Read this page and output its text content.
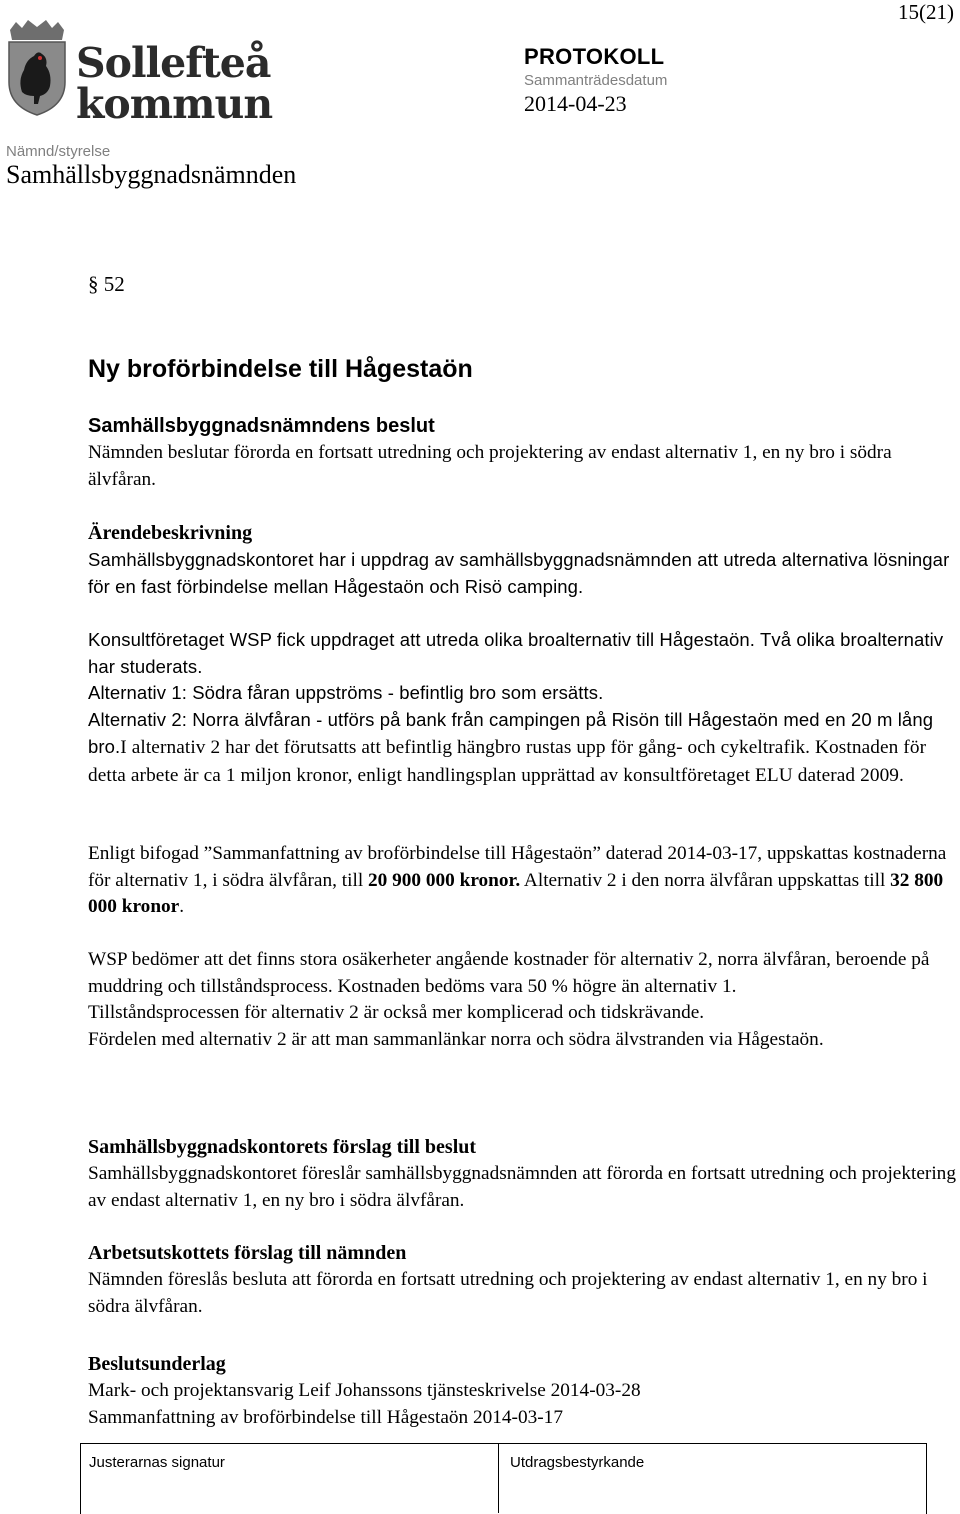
15(21)
Sollefteå
kommun
PROTOKOLL
Sammanträdesdatum
2014-04-23
Nämnd/styrelse
Samhällsbyggnadsnämnden
§ 52
Ny broförbindelse till Hågestaön

Samhällsbyggnadsnämndens beslut

Nämnden beslutar förorda en fortsatt utredning och projektering av endast alternativ 1, en ny bro i södra älvfåran.

Ärendebeskrivning

Samhällsbyggnadskontoret har i uppdrag av samhällsbyggnadsnämnden att utreda alternativa lösningar för en fast förbindelse mellan Hågestaön och Risö camping.

Konsultföretaget WSP fick uppdraget att utreda olika broalternativ till Hågestaön. Två olika broalternativ har studerats.

Alternativ 1: Södra fåran uppströms - befintlig bro som ersätts.

Alternativ 2: Norra älvfåran - utförs på bank från campingen på Risön till Hågestaön med en 20 m lång bro.I alternativ 2 har det förutsatts att befintlig hängbro rustas upp för gång- och cykeltrafik. Kostnaden för detta arbete är ca 1 miljon kronor, enligt handlingsplan upprättad av konsultföretaget ELU daterad 2009.

Enligt bifogad ”Sammanfattning av broförbindelse till Hågestaön” daterad 2014-03-17, uppskattas kostnaderna för alternativ 1, i södra älvfåran, till 20 900 000 kronor. Alternativ 2 i den norra älvfåran uppskattas till 32 800 000 kronor.

WSP bedömer att det finns stora osäkerheter angående kostnader för alternativ 2, norra älvfåran, beroende på muddring och tillståndsprocess. Kostnaden bedöms vara 50 % högre än alternativ 1.

Tillståndsprocessen för alternativ 2 är också mer komplicerad och tidskrävande.

Fördelen med alternativ 2 är att man sammanlänkar norra och södra älvstranden via Hågestaön.

Samhällsbyggnadskontorets förslag till beslut

Samhällsbyggnadskontoret föreslår samhällsbyggnadsnämnden att förorda en fortsatt utredning och projektering av endast alternativ 1, en ny bro i södra älvfåran.

Arbetsutskottets förslag till nämnden

Nämnden föreslås besluta att förorda en fortsatt utredning och projektering av endast alternativ 1, en ny bro i södra älvfåran.

Beslutsunderlag

Mark- och projektansvarig Leif Johanssons tjänsteskrivelse 2014-03-28

Sammanfattning av broförbindelse till Hågestaön 2014-03-17

Justerarnas signatur	Utdragsbestyrkande
